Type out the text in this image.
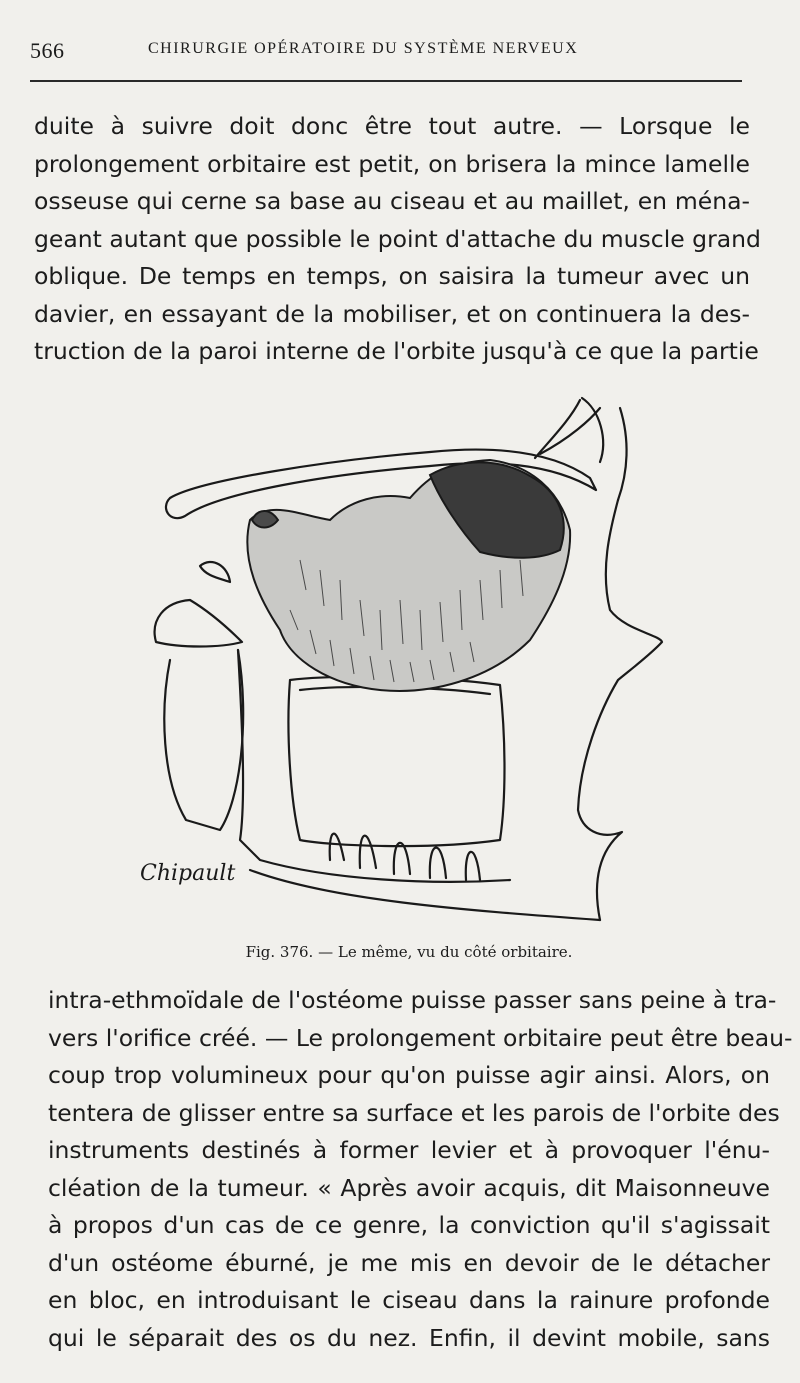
566	CHIRURGIE OPÉRATOIRE DU SYSTÈME NERVEUX
duite à suivre doit donc être tout autre. — Lorsque le
prolongement orbitaire est petit, on brisera la mince lamelle
osseuse qui cerne sa base au ciseau et au maillet, en ména-
geant autant que possible le point d'attache du muscle grand
oblique. De temps en temps, on saisira la tumeur avec un
davier, en essayant de la mobiliser, et on continuera la des-
truction de la paroi interne de l'orbite jusqu'à ce que la partie
Chipault
Fig. 376. — Le même, vu du côté orbitaire.
intra-ethmoïdale de l'ostéome puisse passer sans peine à tra-
vers l'orifice créé. — Le prolongement orbitaire peut être beau-
coup trop volumineux pour qu'on puisse agir ainsi. Alors, on
tentera de glisser entre sa surface et les parois de l'orbite des
instruments destinés à former levier et à provoquer l'énu-
cléation de la tumeur. « Après avoir acquis, dit Maisonneuve
à propos d'un cas de ce genre, la conviction qu'il s'agissait
d'un ostéome éburné, je me mis en devoir de le détacher
en bloc, en introduisant le ciseau dans la rainure profonde
qui le séparait des os du nez. Enfin, il devint mobile, sans
